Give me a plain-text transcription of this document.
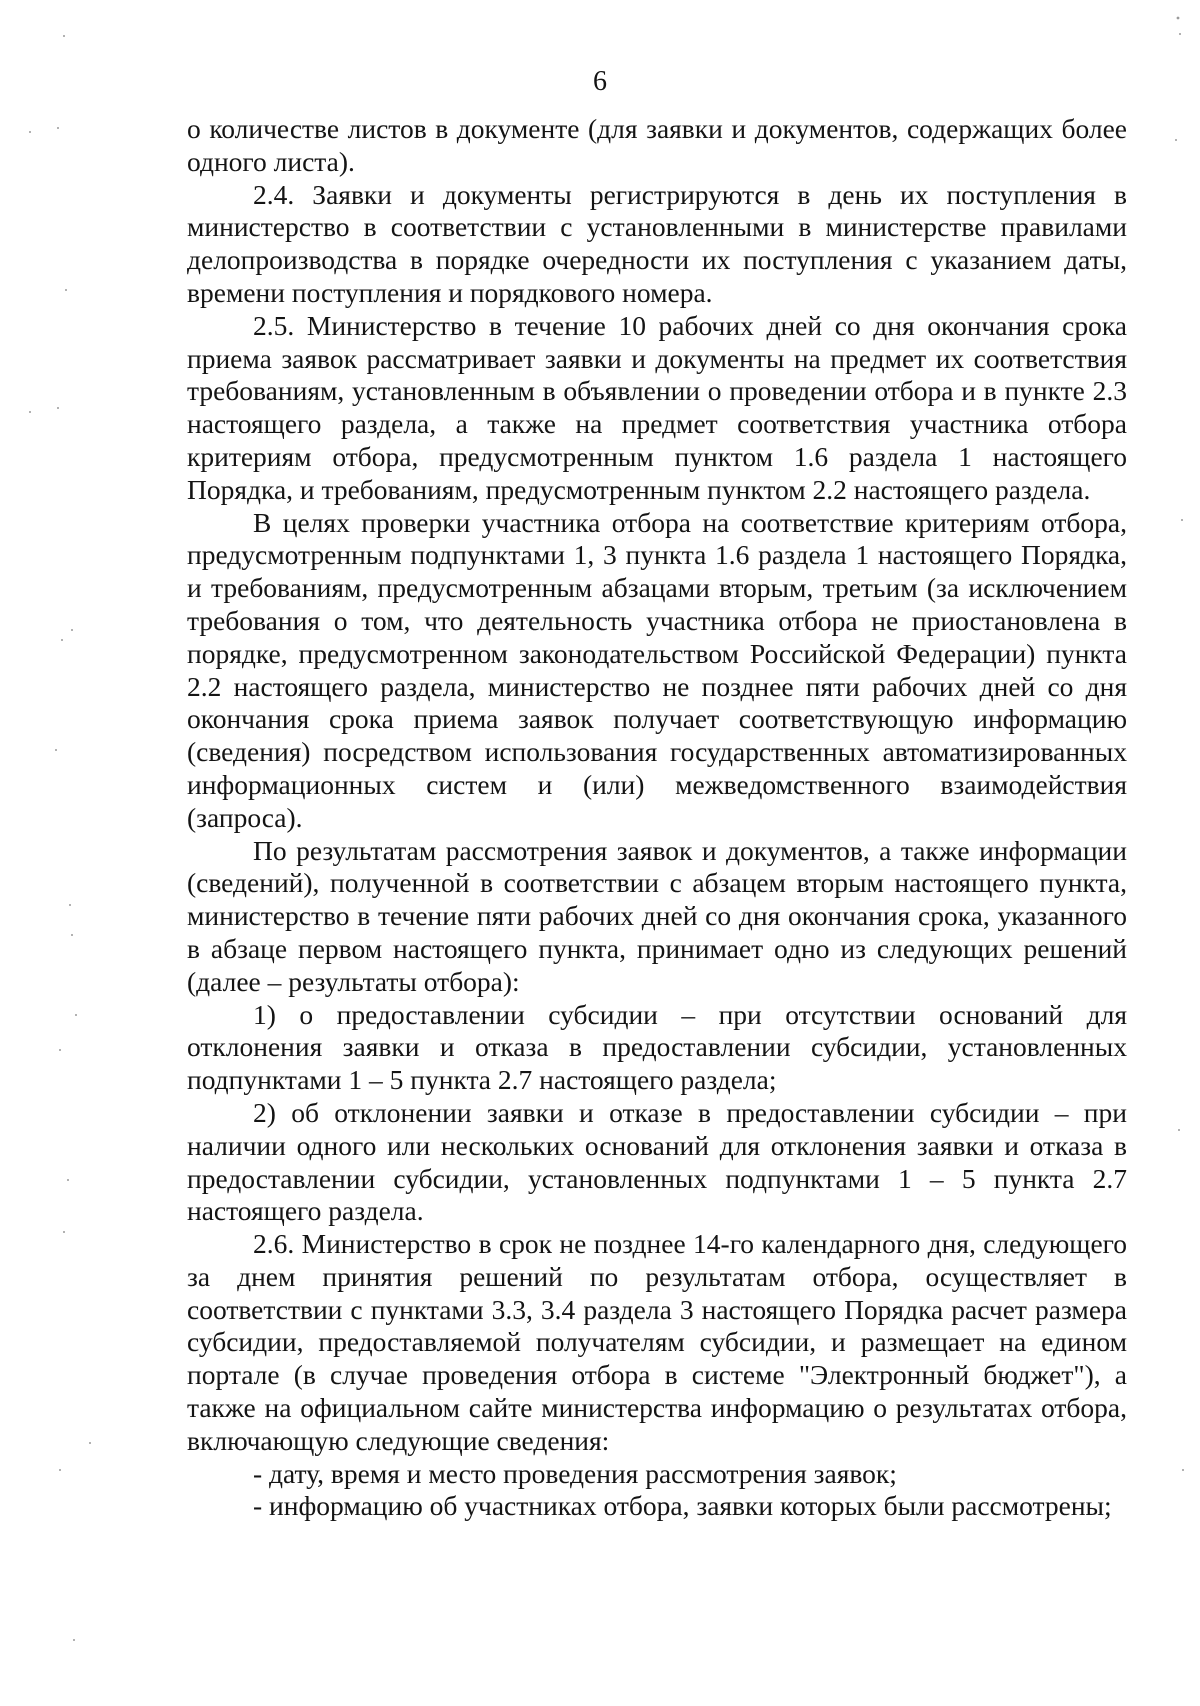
6

о количестве листов в документе (для заявки и документов, содержащих более одного листа).

2.4. Заявки и документы регистрируются в день их поступления в министерство в соответствии с установленными в министерстве правилами делопроизводства в порядке очередности их поступления с указанием даты, времени поступления и порядкового номера.

2.5. Министерство в течение 10 рабочих дней со дня окончания срока приема заявок рассматривает заявки и документы на предмет их соответствия требованиям, установленным в объявлении о проведении отбора и в пункте 2.3 настоящего раздела, а также на предмет соответствия участника отбора критериям отбора, предусмотренным пунктом 1.6 раздела 1 настоящего Порядка, и требованиям, предусмотренным пунктом 2.2 настоящего раздела.

В целях проверки участника отбора на соответствие критериям отбора, предусмотренным подпунктами 1, 3 пункта 1.6 раздела 1 настоящего Порядка, и требованиям, предусмотренным абзацами вторым, третьим (за исключением требования о том, что деятельность участника отбора не приостановлена в порядке, предусмотренном законодательством Российской Федерации) пункта 2.2 настоящего раздела, министерство не позднее пяти рабочих дней со дня окончания срока приема заявок получает соответствующую информацию (сведения) посредством использования государственных автоматизированных информационных систем и (или) межведомственного взаимодействия (запроса).

По результатам рассмотрения заявок и документов, а также информации (сведений), полученной в соответствии с абзацем вторым настоящего пункта, министерство в течение пяти рабочих дней со дня окончания срока, указанного в абзаце первом настоящего пункта, принимает одно из следующих решений (далее – результаты отбора):

1) о предоставлении субсидии – при отсутствии оснований для отклонения заявки и отказа в предоставлении субсидии, установленных подпунктами 1 – 5 пункта 2.7 настоящего раздела;

2) об отклонении заявки и отказе в предоставлении субсидии – при наличии одного или нескольких оснований для отклонения заявки и отказа в предоставлении субсидии, установленных подпунктами 1 – 5 пункта 2.7 настоящего раздела.

2.6. Министерство в срок не позднее 14-го календарного дня, следующего за днем принятия решений по результатам отбора, осуществляет в соответствии с пунктами 3.3, 3.4 раздела 3 настоящего Порядка расчет размера субсидии, предоставляемой получателям субсидии, и размещает на едином портале (в случае проведения отбора в системе "Электронный бюджет"), а также на официальном сайте министерства информацию о результатах отбора, включающую следующие сведения:

- дату, время и место проведения рассмотрения заявок;

- информацию об участниках отбора, заявки которых были рассмотрены;
